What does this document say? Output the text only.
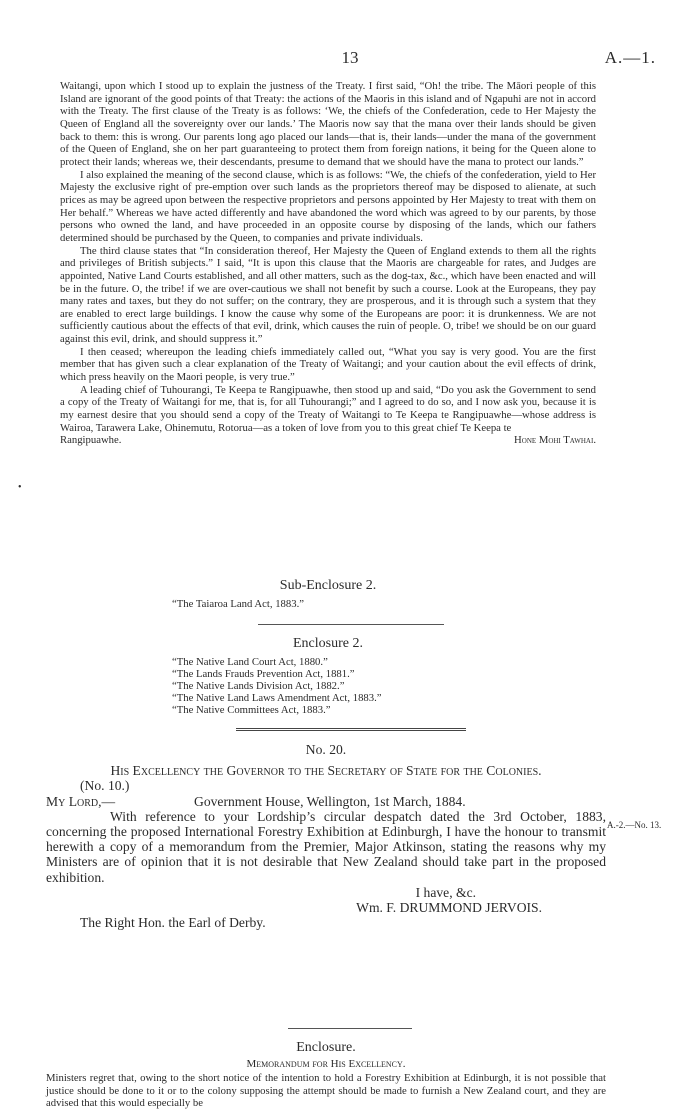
13	A.—1.

Waitangi, upon which I stood up to explain the justness of the Treaty. I first said, “Oh! the tribe. The Māori people of this Island are ignorant of the good points of that Treaty: the actions of the Maoris in this island and of Ngapuhi are not in accord with the Treaty. The first clause of the Treaty is as follows: ‘We, the chiefs of the Confederation, cede to Her Majesty the Queen of England all the sovereignty over our lands.’ The Maoris now say that the mana over their lands should be given back to them: this is wrong. Our parents long ago placed our lands—that is, their lands—under the mana of the government of the Queen of England, she on her part guaranteeing to protect them from foreign nations, it being for the Queen alone to protect their lands; whereas we, their descendants, presume to demand that we should have the mana to protect our lands.”

I also explained the meaning of the second clause, which is as follows: “We, the chiefs of the confederation, yield to Her Majesty the exclusive right of pre-emption over such lands as the proprietors thereof may be disposed to alienate, at such prices as may be agreed upon between the respective proprietors and persons appointed by Her Majesty to treat with them on Her behalf.” Whereas we have acted differently and have abandoned the word which was agreed to by our parents, by those persons who owned the land, and have proceeded in an opposite course by disposing of the lands, which our fathers determined should be purchased by the Queen, to companies and private individuals.

The third clause states that “In consideration thereof, Her Majesty the Queen of England extends to them all the rights and privileges of British subjects.” I said, “It is upon this clause that the Maoris are chargeable for rates, and Judges are appointed, Native Land Courts established, and all other matters, such as the dog-tax, &c., which have been enacted and will be in the future. O, the tribe! if we are over-cautious we shall not benefit by such a course. Look at the Europeans, they pay many rates and taxes, but they do not suffer; on the contrary, they are prosperous, and it is through such a system that they are enabled to erect large buildings. I know the cause why some of the Europeans are poor: it is drunkenness. We are not sufficiently cautious about the effects of that evil, drink, which causes the ruin of people. O, tribe! we should be on our guard against this evil, drink, and should suppress it.”

I then ceased; whereupon the leading chiefs immediately called out, “What you say is very good. You are the first member that has given such a clear explanation of the Treaty of Waitangi; and your caution about the evil effects of drink, which press heavily on the Maori people, is very true.”

A leading chief of Tuhourangi, Te Keepa te Rangipuawhe, then stood up and said, “Do you ask the Government to send a copy of the Treaty of Waitangi for me, that is, for all Tuhourangi;” and I agreed to do so, and I now ask you, because it is my earnest desire that you should send a copy of the Treaty of Waitangi to Te Keepa te Rangipuawhe—whose address is Wairoa, Tarawera Lake, Ohinemutu, Rotorua—as a token of love from you to this great chief Te Keepa te

Rangipuawhe.	Hone Mohi Tawhai.
•

Sub-Enclosure 2.

“The Taiaroa Land Act, 1883.”

Enclosure 2.

“The Native Land Court Act, 1880.”
“The Lands Frauds Prevention Act, 1881.”
“The Native Lands Division Act, 1882.”
“The Native Land Laws Amendment Act, 1883.”
“The Native Committees Act, 1883.”

No. 20.

His Excellency the Governor to the Secretary of State for the Colonies.

(No. 10.)

My Lord,—	Government House, Wellington, 1st March, 1884.

With reference to your Lordship’s circular despatch dated the 3rd October, 1883, concerning the proposed International Forestry Exhibition at Edinburgh, I have the honour to transmit herewith a copy of a memorandum from the Premier, Major Atkinson, stating the reasons why my Ministers are of opinion that it is not desirable that New Zealand should take part in the proposed exhibition.

I have, &c.

Wm. F. DRUMMOND JERVOIS.

The Right Hon. the Earl of Derby.

A.-2.—No. 13.

Enclosure.

Memorandum for His Excellency.

Ministers regret that, owing to the short notice of the intention to hold a Forestry Exhibition at Edinburgh, it is not possible that justice should be done to it or to the colony supposing the attempt should be made to furnish a New Zealand court, and they are advised that this would especially be
